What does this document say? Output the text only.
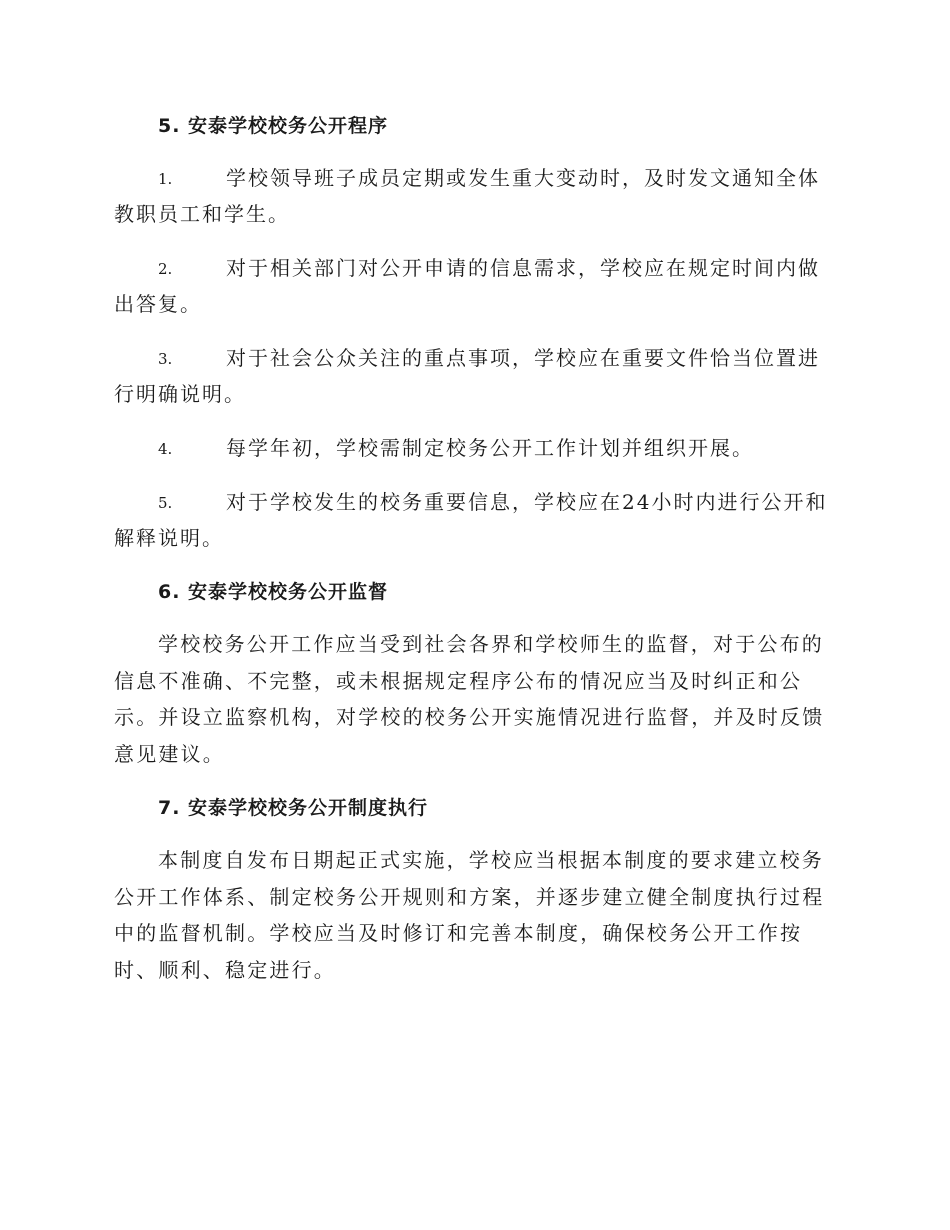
5. 安泰学校校务公开程序
1.	学校领导班子成员定期或发生重大变动时，及时发文通知全体教职员工和学生。
2.	对于相关部门对公开申请的信息需求，学校应在规定时间内做出答复。
3.	对于社会公众关注的重点事项，学校应在重要文件恰当位置进行明确说明。
4.	每学年初，学校需制定校务公开工作计划并组织开展。
5.	对于学校发生的校务重要信息，学校应在24小时内进行公开和解释说明。
6. 安泰学校校务公开监督

学校校务公开工作应当受到社会各界和学校师生的监督，对于公布的信息不准确、不完整，或未根据规定程序公布的情况应当及时纠正和公示。并设立监察机构，对学校的校务公开实施情况进行监督，并及时反馈意见建议。

7. 安泰学校校务公开制度执行

本制度自发布日期起正式实施，学校应当根据本制度的要求建立校务公开工作体系、制定校务公开规则和方案，并逐步建立健全制度执行过程中的监督机制。学校应当及时修订和完善本制度，确保校务公开工作按时、顺利、稳定进行。
